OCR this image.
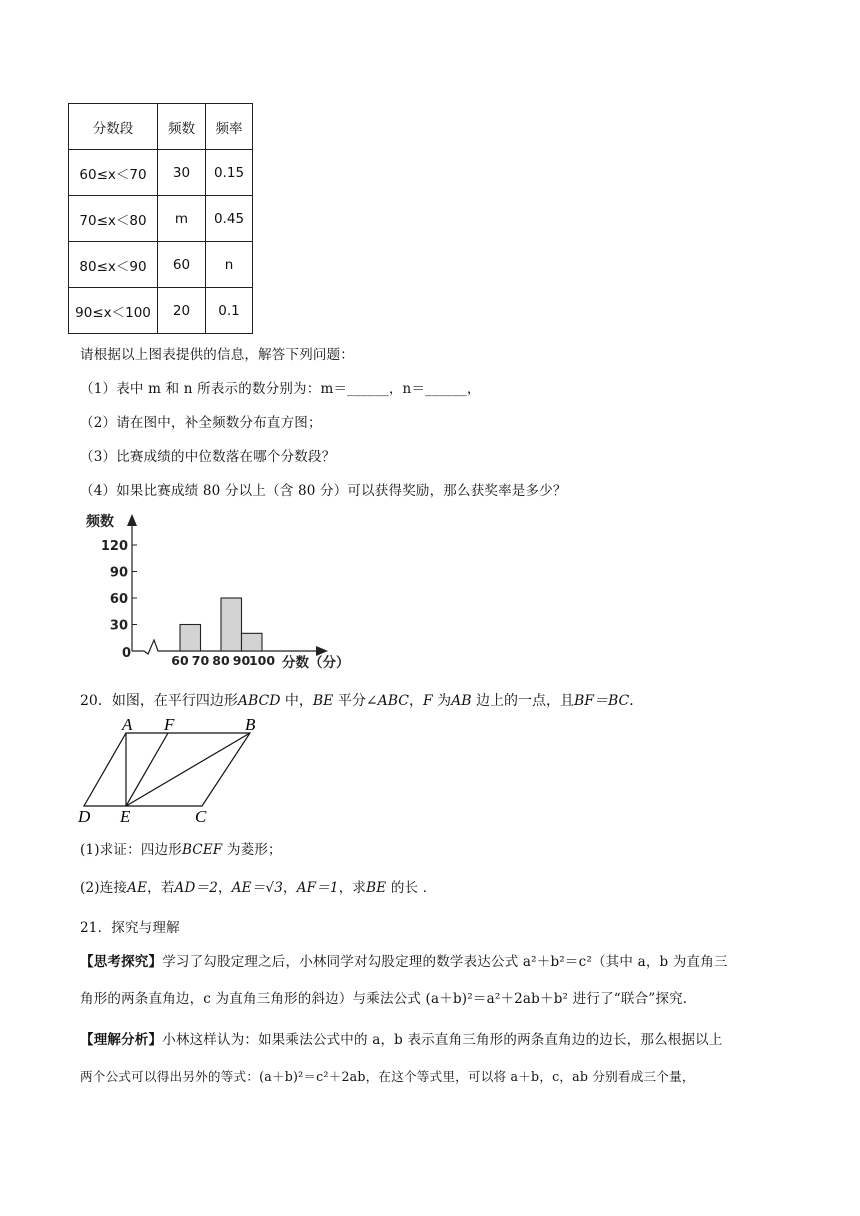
分数段	频数	频率
60≤x＜70	30	0.15
70≤x＜80	m	0.45
80≤x＜90	60	n
90≤x＜100	20	0.1
请根据以上图表提供的信息，解答下列问题：
（1）表中 m 和 n 所表示的数分别为：m＝______，n＝______，
（2）请在图中，补全频数分布直方图；
（3）比赛成绩的中位数落在哪个分数段？
（4）如果比赛成绩 80 分以上（含 80 分）可以获得奖励，那么获奖率是多少？
频数
120
90
60
30
0	60 70 80 90
100 分数（分）
20．如图，在平行四边形ABCD 中，BE 平分∠ABC，F 为AB 边上的一点，且BF＝BC．
A F	B
D E	C
(1)求证：四边形BCEF 为菱形；
(2)连接AE，若AD＝2，AE＝√3，AF＝1，求BE 的长 ．
21．探究与理解
【思考探究】学习了勾股定理之后，小林同学对勾股定理的数学表达公式 a²＋b²＝c²（其中 a，b 为直角三
角形的两条直角边，c 为直角三角形的斜边）与乘法公式 (a＋b)²＝a²＋2ab＋b² 进行了“联合”探究.
【理解分析】小林这样认为：如果乘法公式中的 a，b 表示直角三角形的两条直角边的边长，那么根据以上
两个公式可以得出另外的等式：(a＋b)²＝c²＋2ab，在这个等式里，可以将 a＋b，c，ab 分别看成三个量，
